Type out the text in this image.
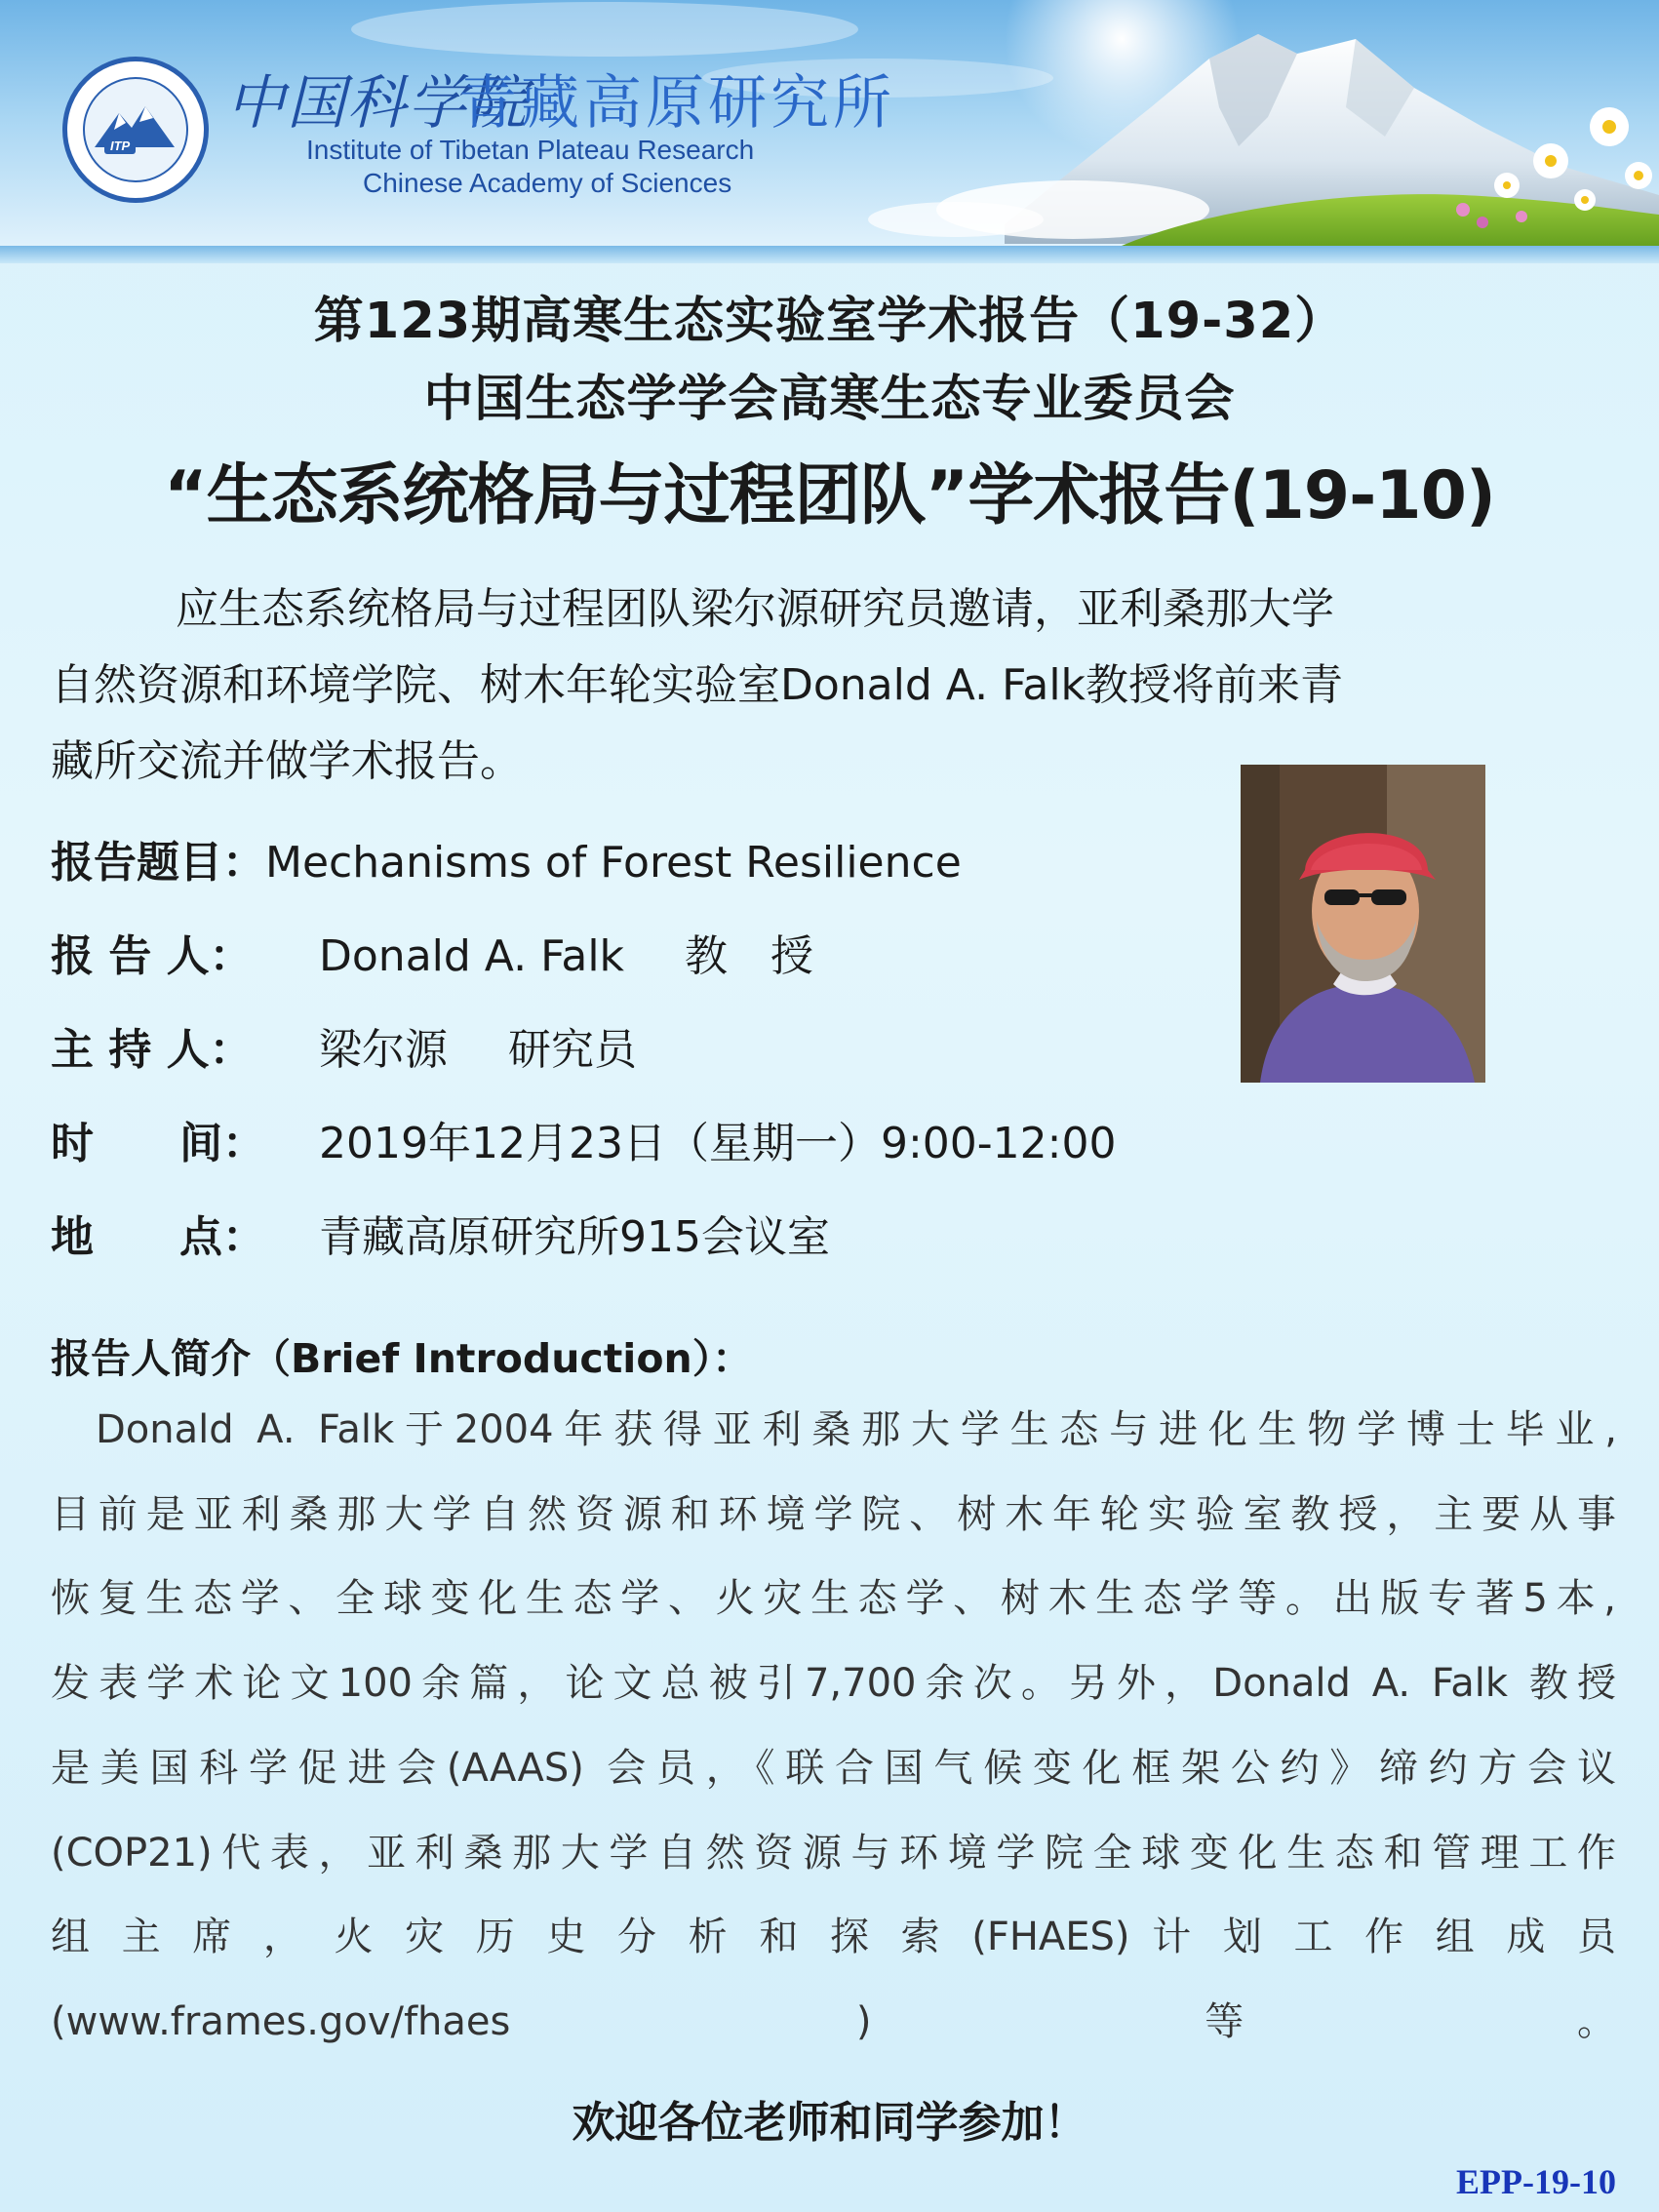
ITP
中国科学院
青藏高原研究所
Institute of Tibetan Plateau Research
Chinese Academy of Sciences
第123期高寒生态实验室学术报告（19-32）
中国生态学学会高寒生态专业委员会
“生态系统格局与过程团队”学术报告(19-10)
应生态系统格局与过程团队梁尔源研究员邀请，亚利桑那大学
自然资源和环境学院、树木年轮实验室Donald A. Falk教授将前来青
藏所交流并做学术报告。
报告题目：Mechanisms of Forest Resilience
报 告 人： Donald A. Falk 教　授
主 持 人： 梁尔源 研究员
时　　间： 2019年12月23日（星期一）9:00-12:00
地　　点： 青藏高原研究所915会议室
报告人简介（Brief Introduction）：
Donald A. Falk于2004年获得亚利桑那大学生态与进化生物学博士毕业,
目前是亚利桑那大学自然资源和环境学院、树木年轮实验室教授，主要从事
恢复生态学、全球变化生态学、火灾生态学、树木生态学等。出版专著5本,
发表学术论文100余篇，论文总被引7,700余次。另外，Donald A. Falk 教授
是美国科学促进会(AAAS) 会员，《联合国气候变化框架公约》缔约方会议
(COP21)代表，亚利桑那大学自然资源与环境学院全球变化生态和管理工作
组 主 席 ， 火 灾 历 史 分 析 和 探 索 (FHAES) 计 划 工 作 组 成 员
(www.frames.gov/fhaes )等。
欢迎各位老师和同学参加！
EPP-19-10
